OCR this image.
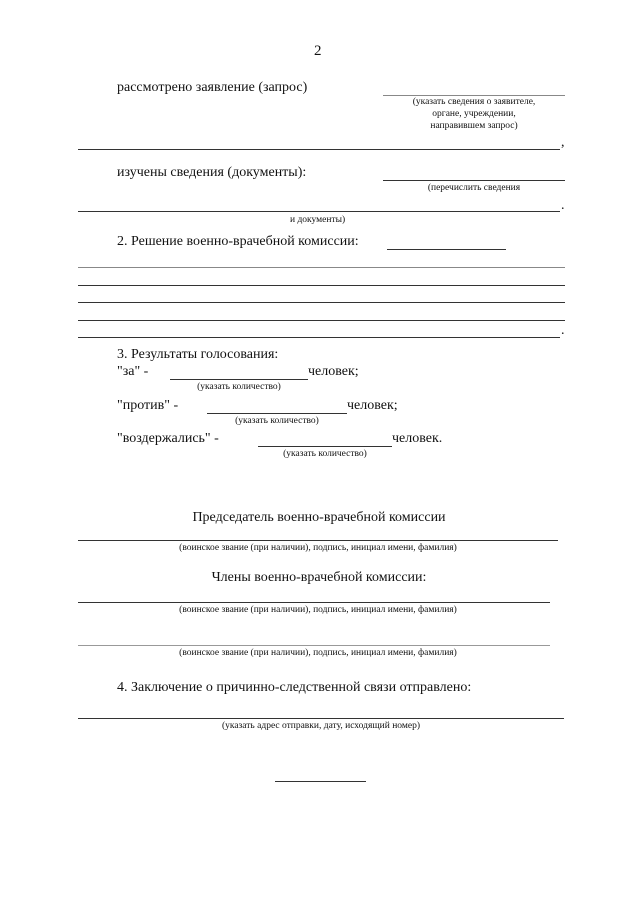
2
рассмотрено заявление (запрос)
(указать сведения о заявителе,
органе, учреждении,
направившем запрос)
,
изучены сведения (документы):
(перечислить сведения
.
и документы)
2. Решение военно-врачебной комиссии:
.
3. Результаты голосования:
"за" -	человек;
(указать количество)
"против" -	человек;
(указать количество)
"воздержались" -	человек.
(указать количество)
Председатель военно-врачебной комиссии
(воинское звание (при наличии), подпись, инициал имени, фамилия)
Члены военно-врачебной комиссии:
(воинское звание (при наличии), подпись, инициал имени, фамилия)
(воинское звание (при наличии), подпись, инициал имени, фамилия)
4. Заключение о причинно-следственной связи отправлено:
(указать адрес отправки, дату, исходящий номер)
